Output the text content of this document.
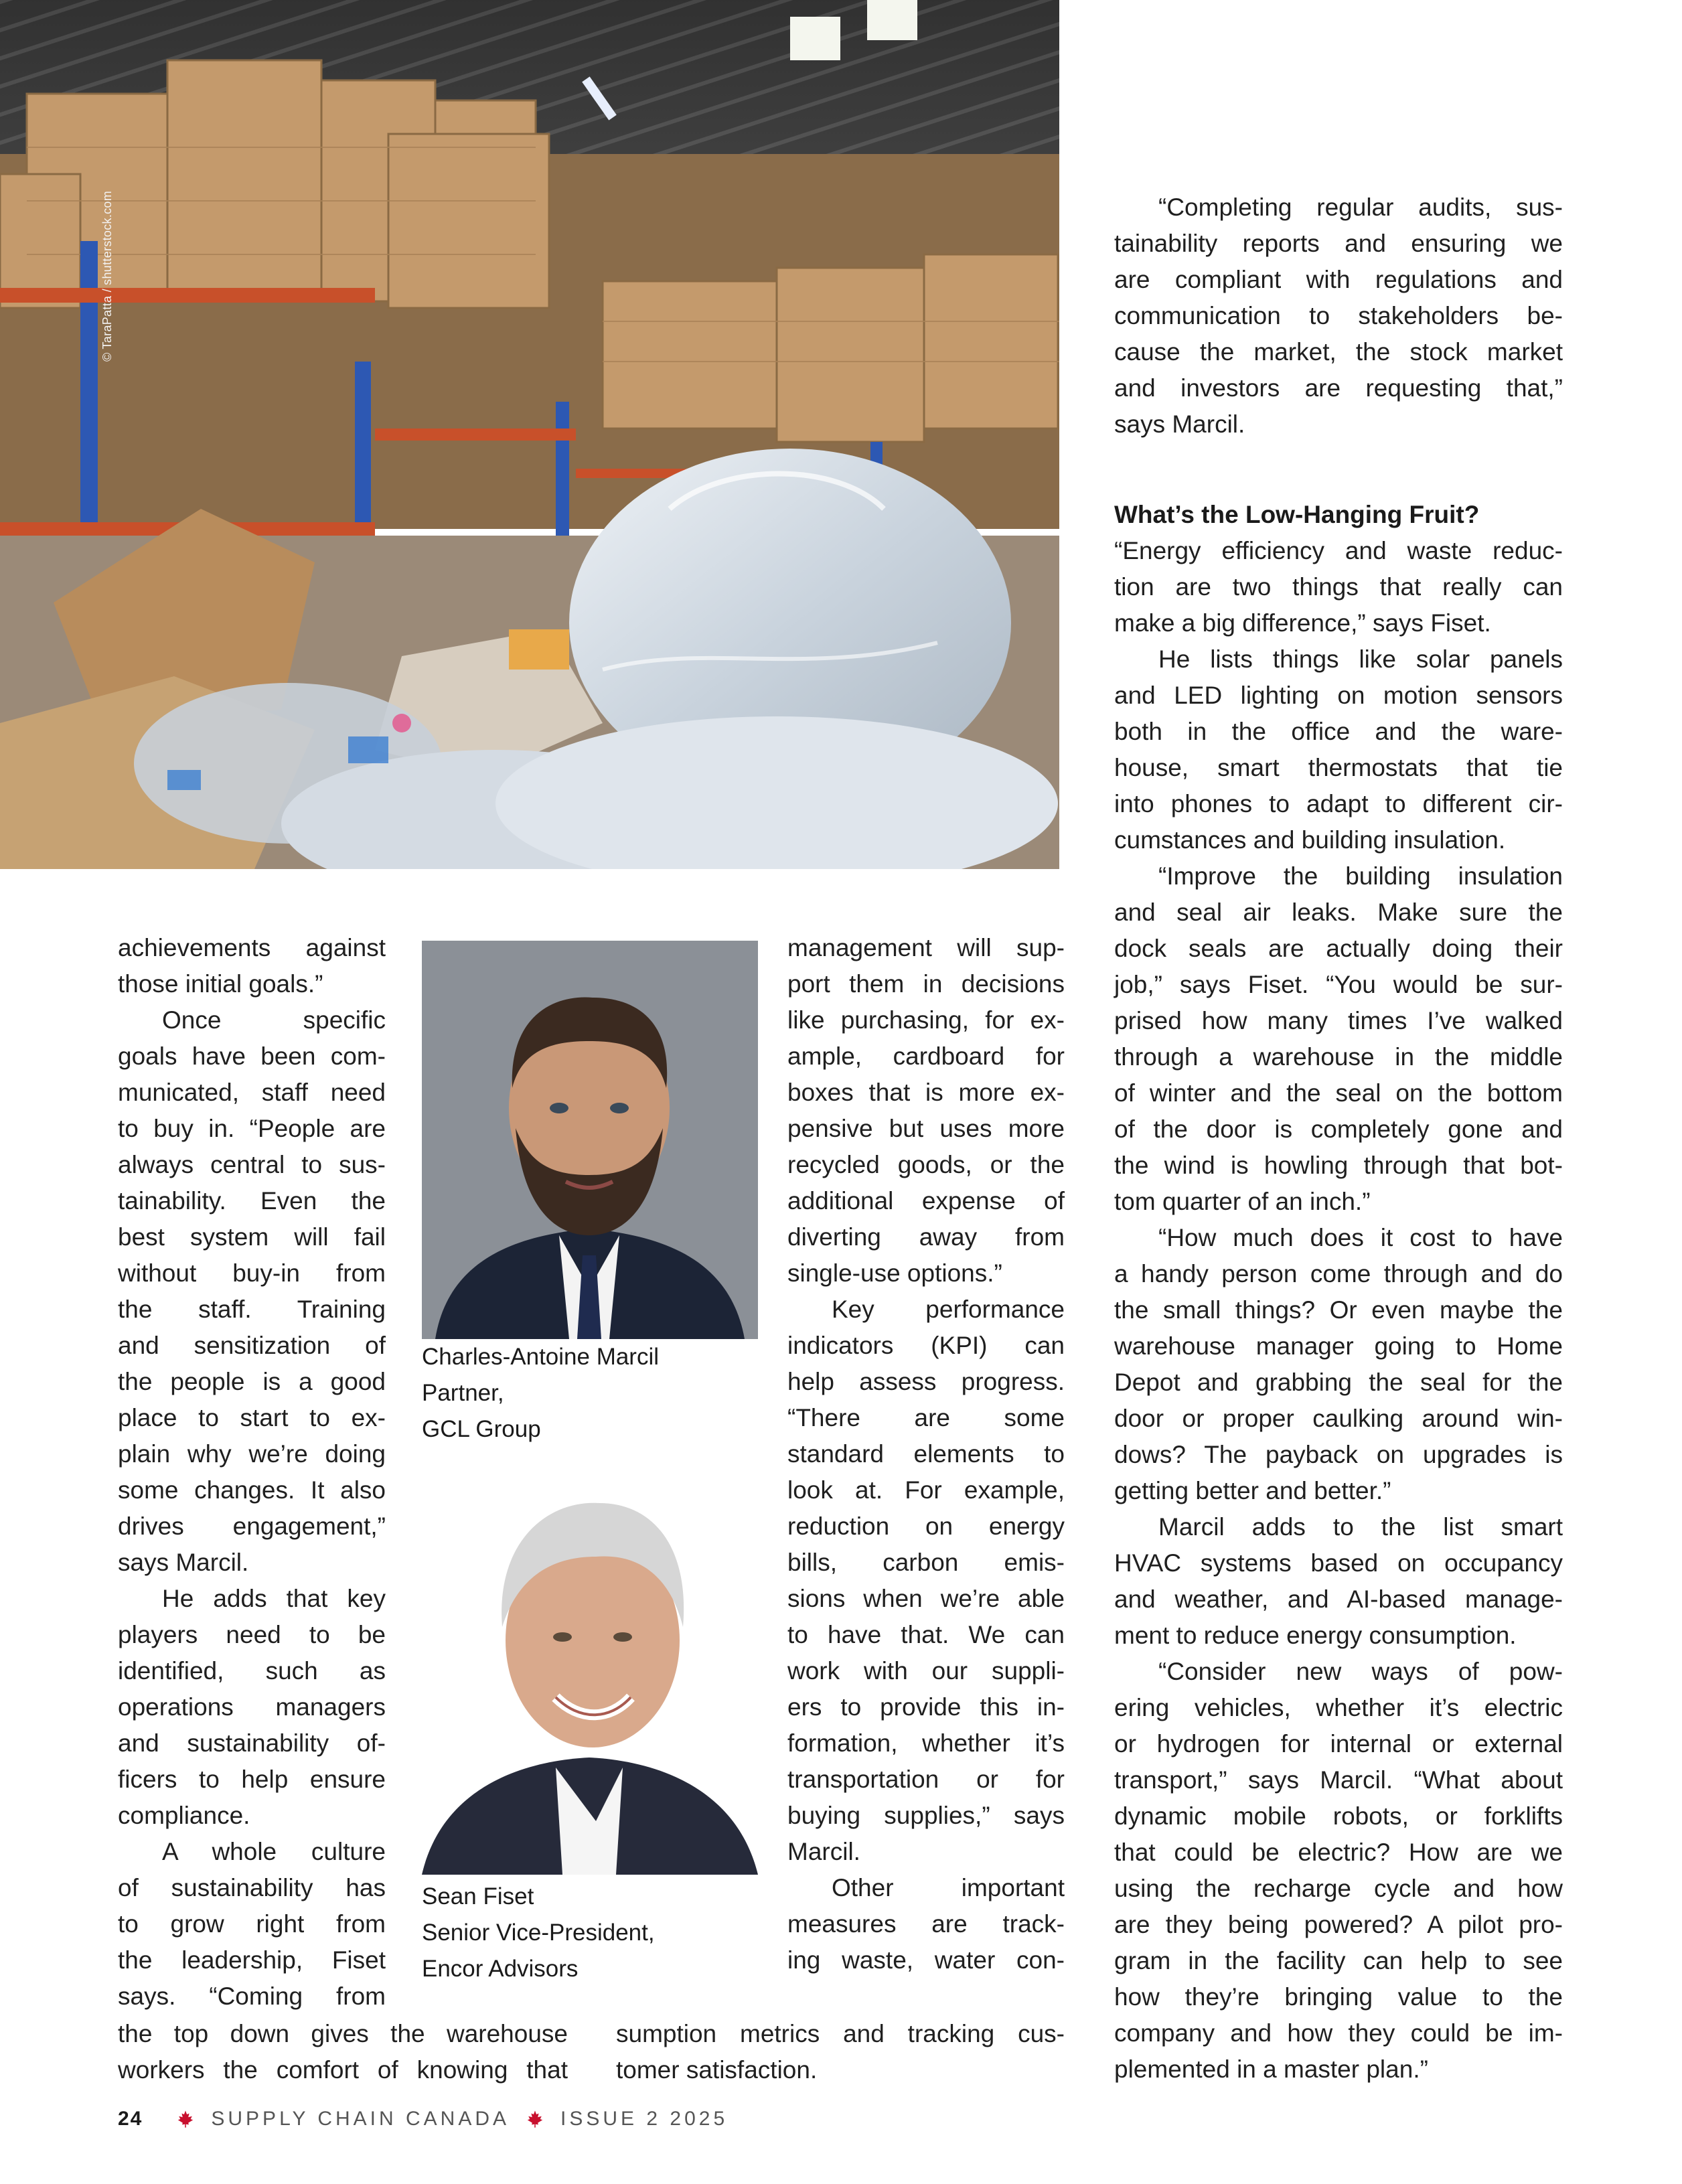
© TaraPatta / shutterstock.com
achievements against
those initial goals.”
Once specific
goals have been com-
municated, staff need
to buy in. “People are
always central to sus-
tainability. Even the
best system will fail
without buy-in from
the staff. Training
and sensitization of
the people is a good
place to start to ex-
plain why we’re doing
some changes. It also
drives engagement,”
says Marcil.
He adds that key
players need to be
identified, such as
operations managers
and sustainability of-
ficers to help ensure
compliance.
A whole culture
of sustainability has
to grow right from
the leadership, Fiset
says. “Coming from
the top down gives the warehouse
workers the comfort of knowing that
Charles-Antoine Marcil
Partner,
GCL Group
Sean Fiset
Senior Vice-President,
Encor Advisors
management will sup-
port them in decisions
like purchasing, for ex-
ample, cardboard for
boxes that is more ex-
pensive but uses more
recycled goods, or the
additional expense of
diverting away from
single-use options.”
Key performance
indicators (KPI) can
help assess progress.
“There are some
standard elements to
look at. For example,
reduction on energy
bills, carbon emis-
sions when we’re able
to have that. We can
work with our suppli-
ers to provide this in-
formation, whether it’s
transportation or for
buying supplies,” says
Marcil.
Other important
measures are track-
ing waste, water con-
sumption metrics and tracking cus-
tomer satisfaction.
“Completing regular audits, sus-
tainability reports and ensuring we
are compliant with regulations and
communication to stakeholders be-
cause the market, the stock market
and investors are requesting that,”
says Marcil.
What’s the Low-Hanging Fruit?
“Energy efficiency and waste reduc-
tion are two things that really can
make a big difference,” says Fiset.
He lists things like solar panels
and LED lighting on motion sensors
both in the office and the ware-
house, smart thermostats that tie
into phones to adapt to different cir-
cumstances and building insulation.
“Improve the building insulation
and seal air leaks. Make sure the
dock seals are actually doing their
job,” says Fiset. “You would be sur-
prised how many times I’ve walked
through a warehouse in the middle
of winter and the seal on the bottom
of the door is completely gone and
the wind is howling through that bot-
tom quarter of an inch.”
“How much does it cost to have
a handy person come through and do
the small things? Or even maybe the
warehouse manager going to Home
Depot and grabbing the seal for the
door or proper caulking around win-
dows? The payback on upgrades is
getting better and better.”
Marcil adds to the list smart
HVAC systems based on occupancy
and weather, and AI-based manage-
ment to reduce energy consumption.
“Consider new ways of pow-
ering vehicles, whether it’s electric
or hydrogen for internal or external
transport,” says Marcil. “What about
dynamic mobile robots, or forklifts
that could be electric? How are we
using the recharge cycle and how
are they being powered? A pilot pro-
gram in the facility can help to see
how they’re bringing value to the
company and how they could be im-
plemented in a master plan.”
24	SUPPLY CHAIN CANADA	ISSUE 2 2025
